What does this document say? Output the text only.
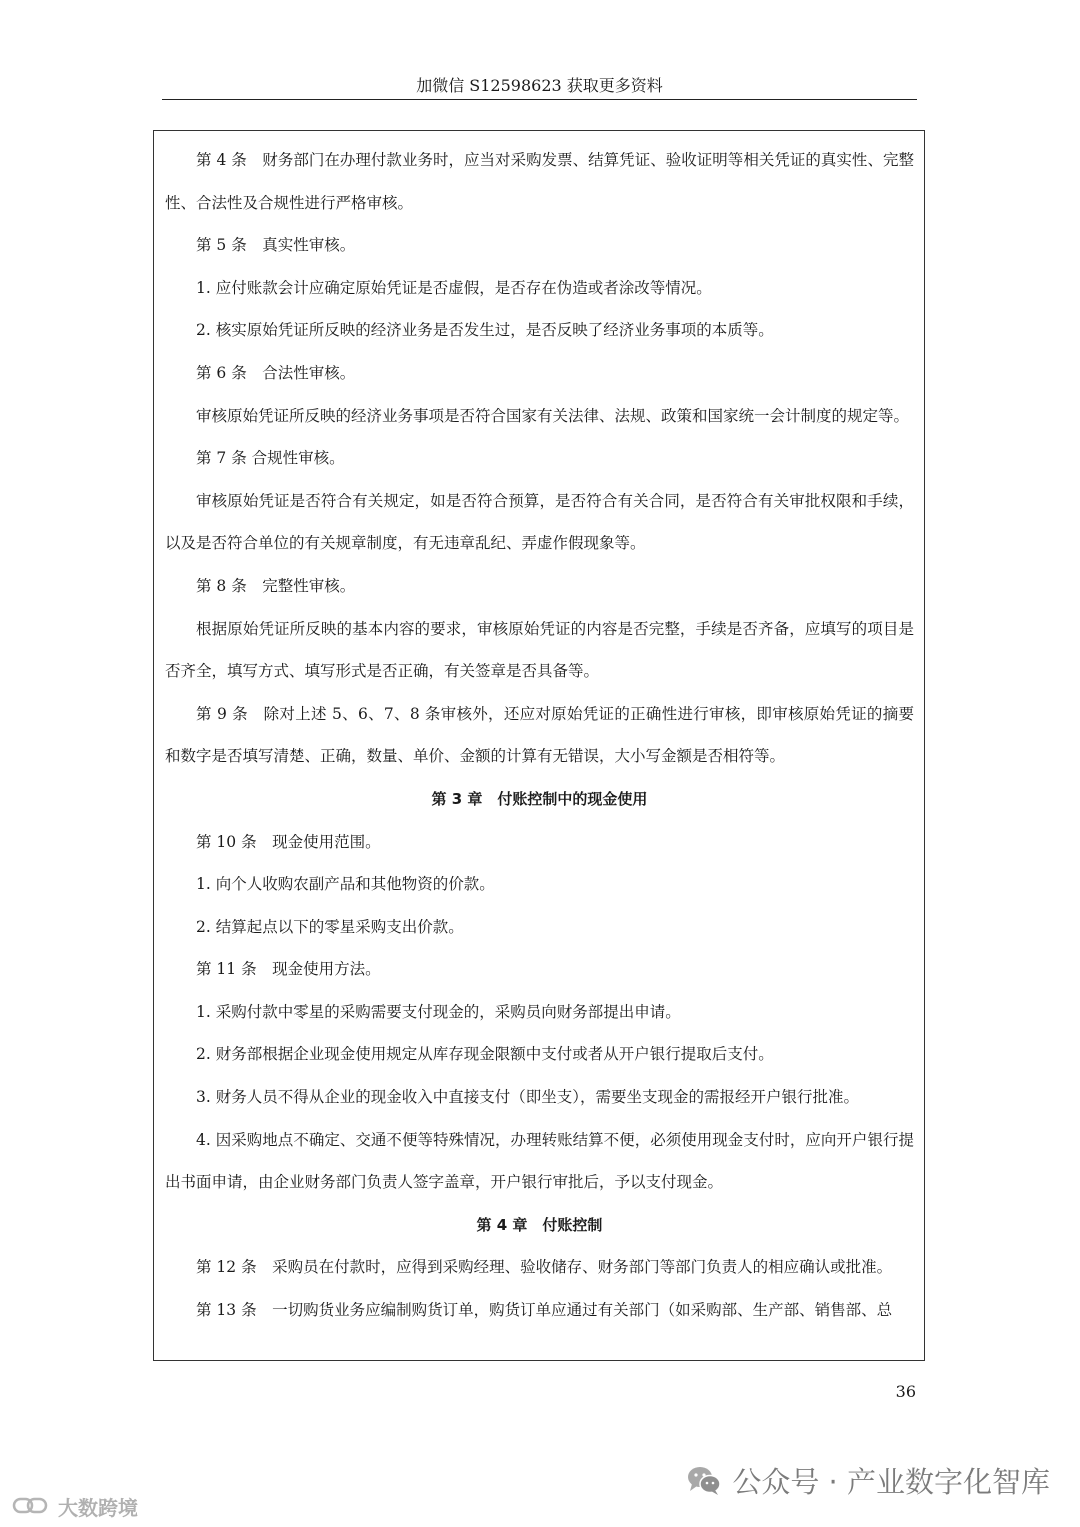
加微信 S12598623 获取更多资料

第 4 条　财务部门在办理付款业务时，应当对采购发票、结算凭证、验收证明等相关凭证的真实性、完整性、合法性及合规性进行严格审核。

第 5 条　真实性审核。

1. 应付账款会计应确定原始凭证是否虚假，是否存在伪造或者涂改等情况。

2. 核实原始凭证所反映的经济业务是否发生过，是否反映了经济业务事项的本质等。

第 6 条　合法性审核。

审核原始凭证所反映的经济业务事项是否符合国家有关法律、法规、政策和国家统一会计制度的规定等。

第 7 条 合规性审核。

审核原始凭证是否符合有关规定，如是否符合预算，是否符合有关合同，是否符合有关审批权限和手续，以及是否符合单位的有关规章制度，有无违章乱纪、弄虚作假现象等。

第 8 条　完整性审核。

根据原始凭证所反映的基本内容的要求，审核原始凭证的内容是否完整，手续是否齐备，应填写的项目是否齐全，填写方式、填写形式是否正确，有关签章是否具备等。

第 9 条　除对上述 5、6、7、8 条审核外，还应对原始凭证的正确性进行审核，即审核原始凭证的摘要和数字是否填写清楚、正确，数量、单价、金额的计算有无错误，大小写金额是否相符等。

第 3 章　付账控制中的现金使用

第 10 条　现金使用范围。

1. 向个人收购农副产品和其他物资的价款。

2. 结算起点以下的零星采购支出价款。

第 11 条　现金使用方法。

1. 采购付款中零星的采购需要支付现金的，采购员向财务部提出申请。

2. 财务部根据企业现金使用规定从库存现金限额中支付或者从开户银行提取后支付。

3. 财务人员不得从企业的现金收入中直接支付（即坐支），需要坐支现金的需报经开户银行批准。

4. 因采购地点不确定、交通不便等特殊情况，办理转账结算不便，必须使用现金支付时，应向开户银行提出书面申请，由企业财务部门负责人签字盖章，开户银行审批后，予以支付现金。

第 4 章　付账控制

第 12 条　采购员在付款时，应得到采购经理、验收储存、财务部门等部门负责人的相应确认或批准。

第 13 条　一切购货业务应编制购货订单，购货订单应通过有关部门（如采购部、生产部、销售部、总

36
公众号 · 产业数字化智库
大数跨境
